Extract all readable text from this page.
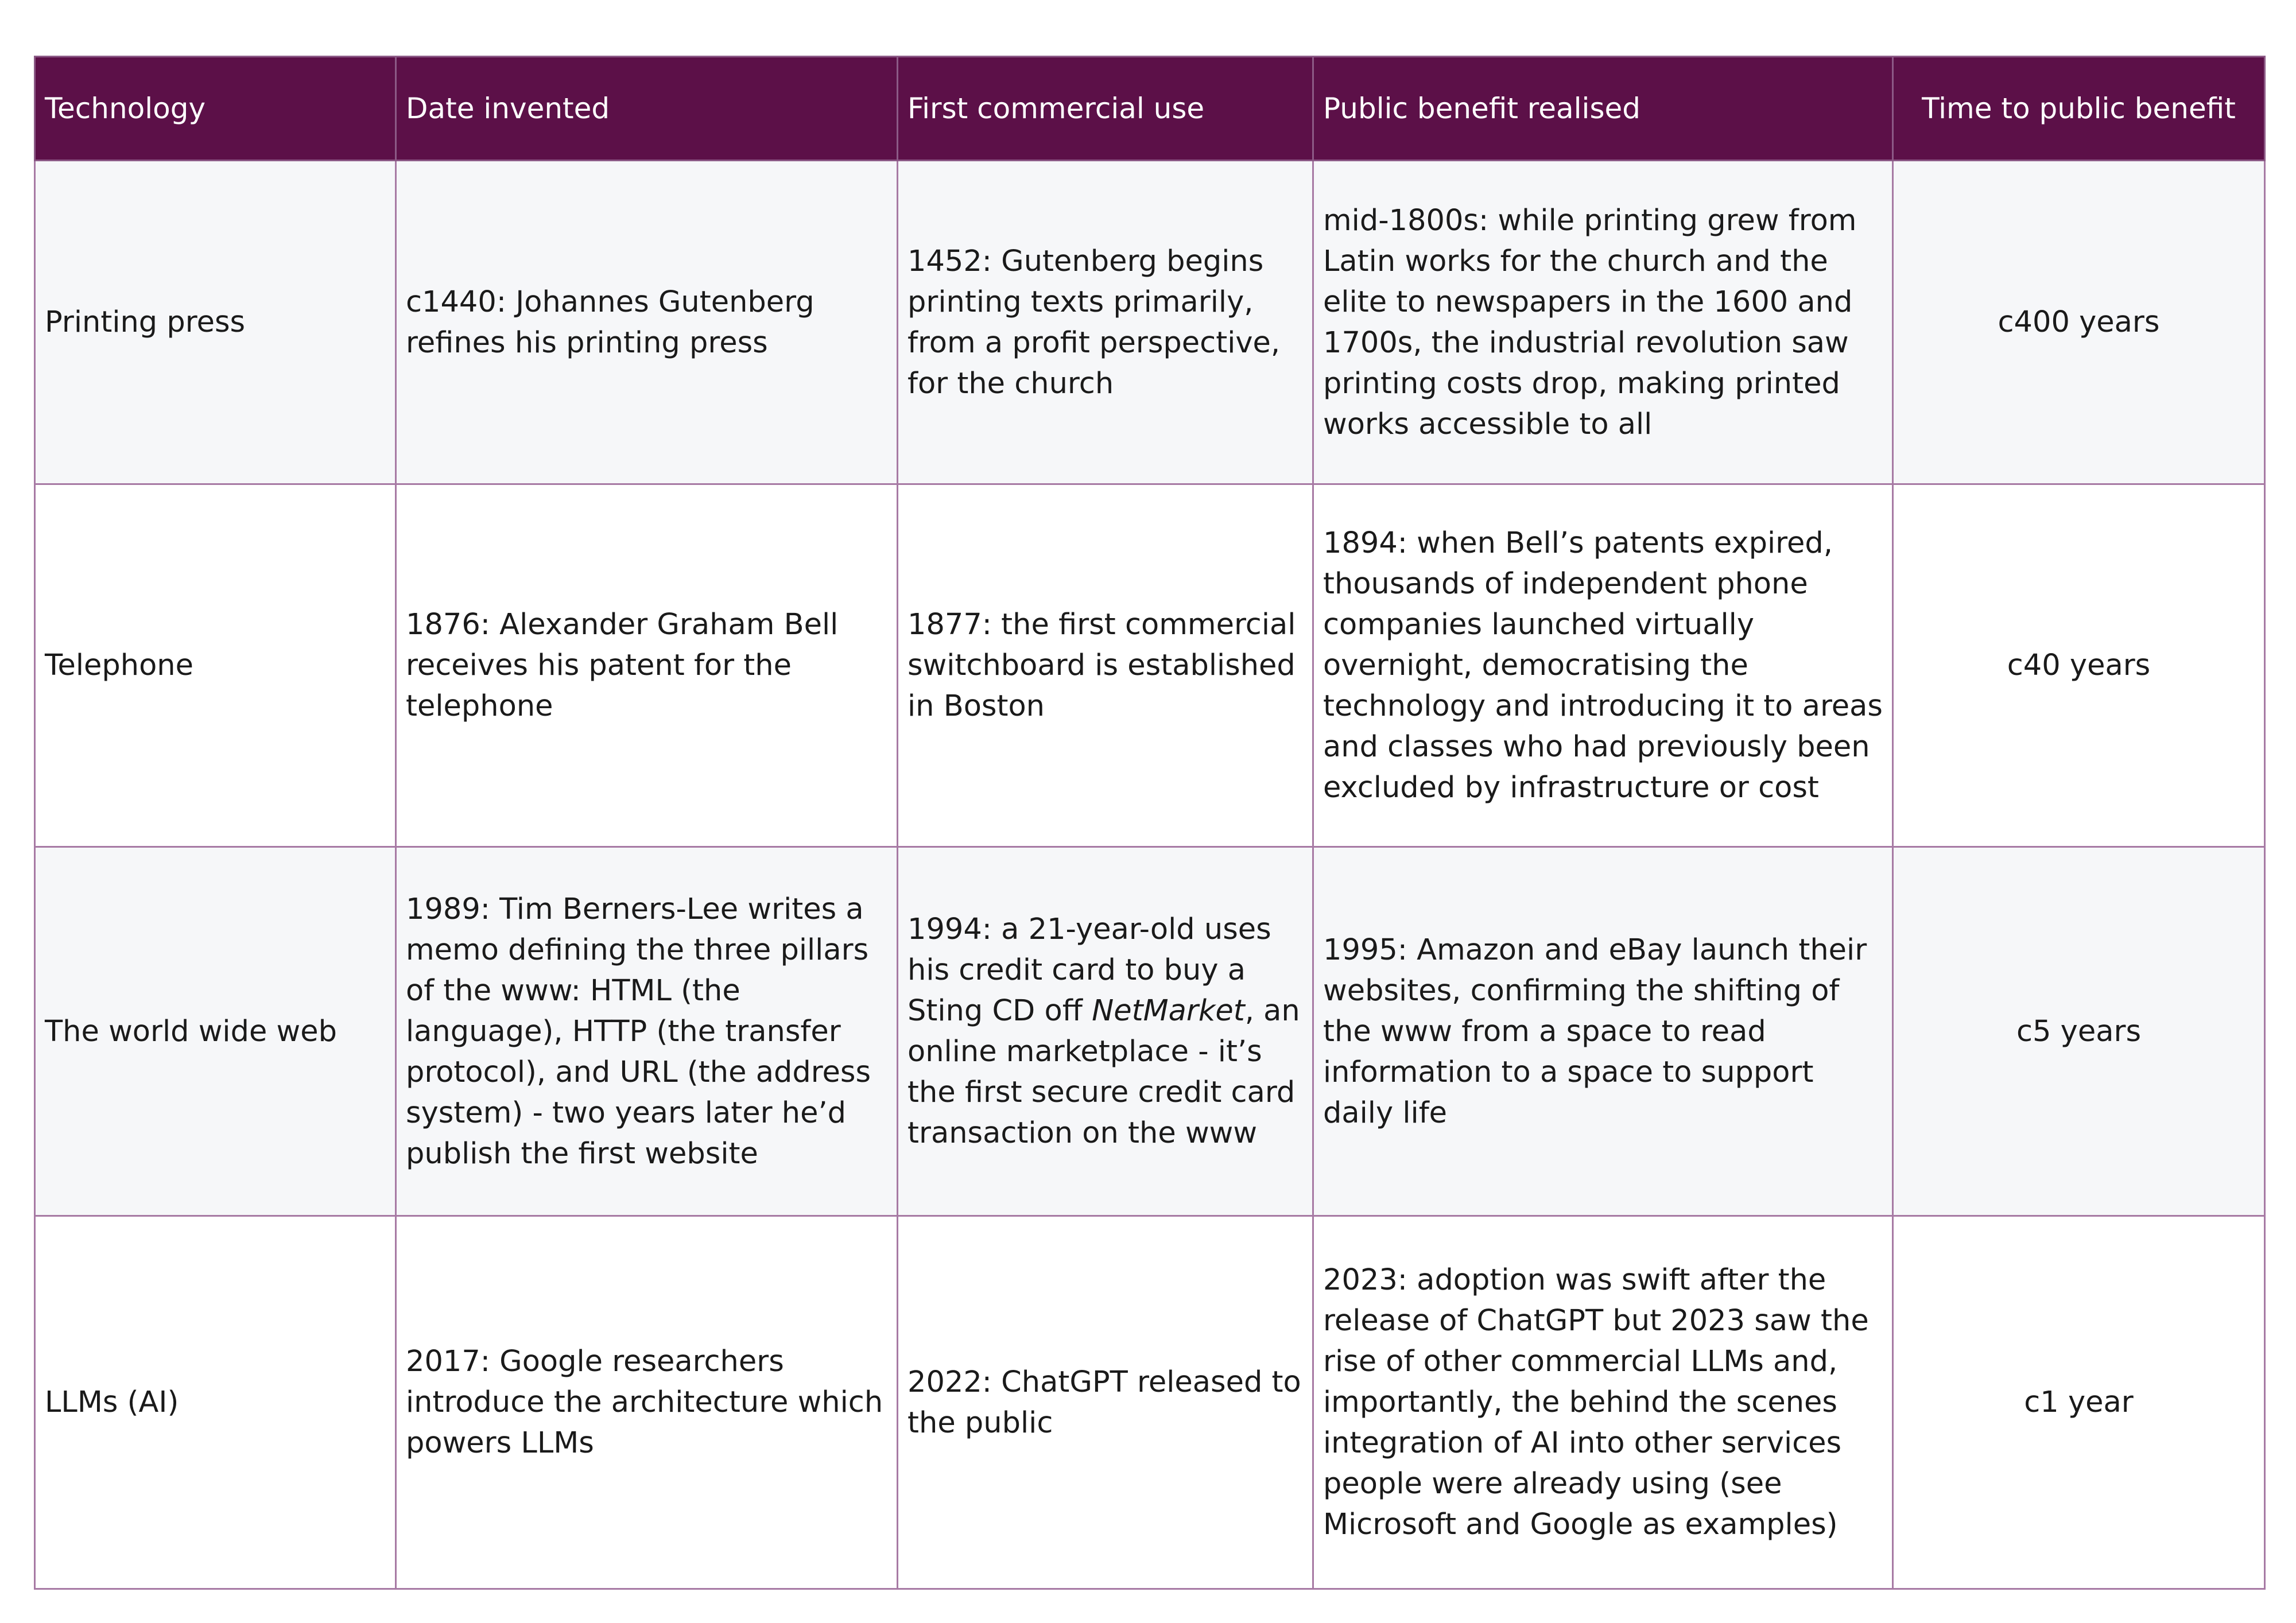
Technology	Date invented	First commercial use	Public benefit realised	Time to public benefit
Printing press	c1440: Johannes Gutenberg refines his printing press	1452: Gutenberg begins printing texts primarily, from a profit perspective, for the church	mid-1800s: while printing grew from Latin works for the church and the elite to newspapers in the 1600 and 1700s, the industrial revolution saw printing costs drop, making printed works accessible to all	c400 years
Telephone	1876: Alexander Graham Bell receives his patent for the telephone	1877: the first commercial switchboard is established in Boston	1894: when Bell’s patents expired, thousands of independent phone companies launched virtually overnight, democratising the technology and introducing it to areas and classes who had previously been excluded by infrastructure or cost	c40 years
The world wide web	1989: Tim Berners-Lee writes a memo defining the three pillars of the www: HTML (the language), HTTP (the transfer protocol), and URL (the address system) - two years later he’d publish the first website	1994: a 21-year-old uses his credit card to buy a Sting CD off NetMarket, an online marketplace - it’s the first secure credit card transaction on the www	1995: Amazon and eBay launch their websites, confirming the shifting of the www from a space to read information to a space to support daily life	c5 years
LLMs (AI)	2017: Google researchers introduce the architecture which powers LLMs	2022: ChatGPT released to the public	2023: adoption was swift after the release of ChatGPT but 2023 saw the rise of other commercial LLMs and, importantly, the behind the scenes integration of AI into other services people were already using (see Microsoft and Google as examples)	c1 year
